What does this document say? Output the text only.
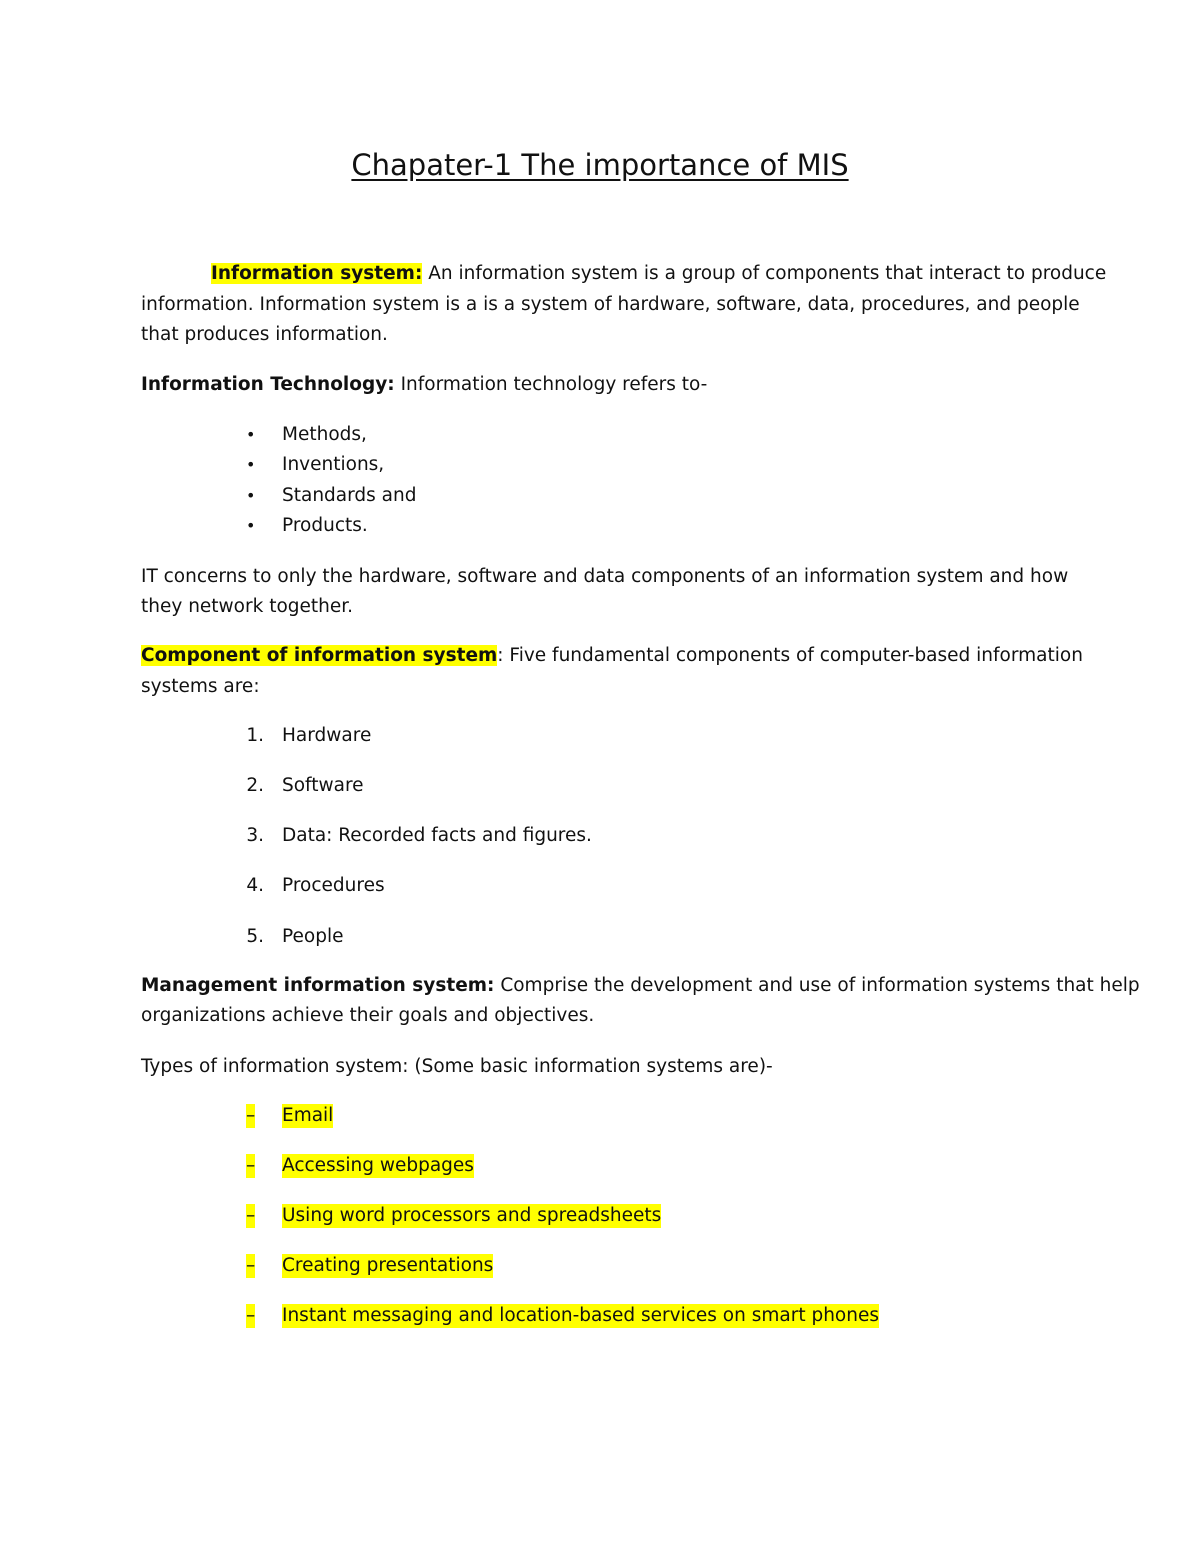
Chapater-1 The importance of MIS
Information system: An information system is a group of components that interact to produce
information. Information system is a is a system of hardware, software, data, procedures, and people
that produces information.
Information Technology: Information technology refers to-
• Methods,
• Inventions,
• Standards and
• Products.
IT concerns to only the hardware, software and data components of an information system and how
they network together.
Component of information system: Five fundamental components of computer-based information
systems are:
1. Hardware
2. Software
3. Data: Recorded facts and figures.
4. Procedures
5. People
Management information system: Comprise the development and use of information systems that help
organizations achieve their goals and objectives.
Types of information system: (Some basic information systems are)-
– Email
– Accessing webpages
– Using word processors and spreadsheets
– Creating presentations
– Instant messaging and location-based services on smart phones
